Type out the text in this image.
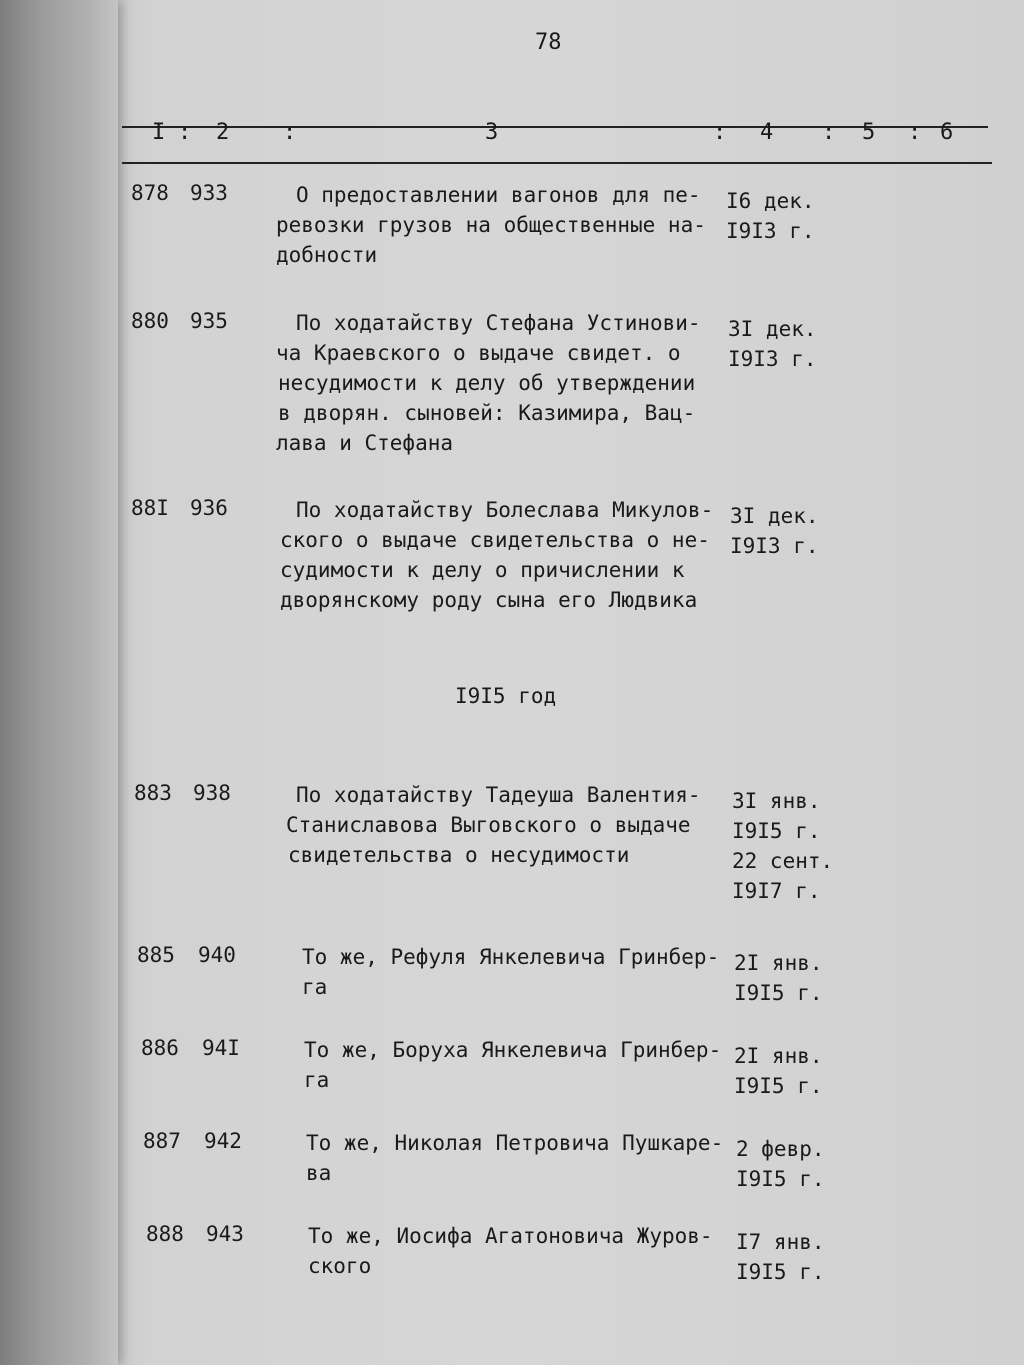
78
I : 2 :	3	: 4 : 5 : 6
I9I5 год
878 933	О предоставлении вагонов для пе-
ревозки грузов на общественные на-
добности
I6 дек.
I9I3 г.
880 935	По ходатайству Стефана Устинови-
ча Краевского о выдаче свидет. о
несудимости к делу об утверждении
в дворян. сыновей: Казимира, Вац-
лава и Стефана
3I дек.
I9I3 г.
88I 936	По ходатайству Болеслава Микулов-
ского о выдаче свидетельства о не-
судимости к делу о причислении к
дворянскому роду сына его Людвика
3I дек.
I9I3 г.
883 938	По ходатайству Тадеуша Валентия-
Станиславова Выговского о выдаче
свидетельства о несудимости
3I янв.
I9I5 г.
22 сент.
I9I7 г.
885 940	То же, Рефуля Янкелевича Гринбер-
га
2I янв.
I9I5 г.
886 94I	То же, Боруха Янкелевича Гринбер-
га
2I янв.
I9I5 г.
887 942	То же, Николая Петровича Пушкаре-
ва
2 февр.
I9I5 г.
888 943	То же, Иосифа Агатоновича Журов-
ского
I7 янв.
I9I5 г.
